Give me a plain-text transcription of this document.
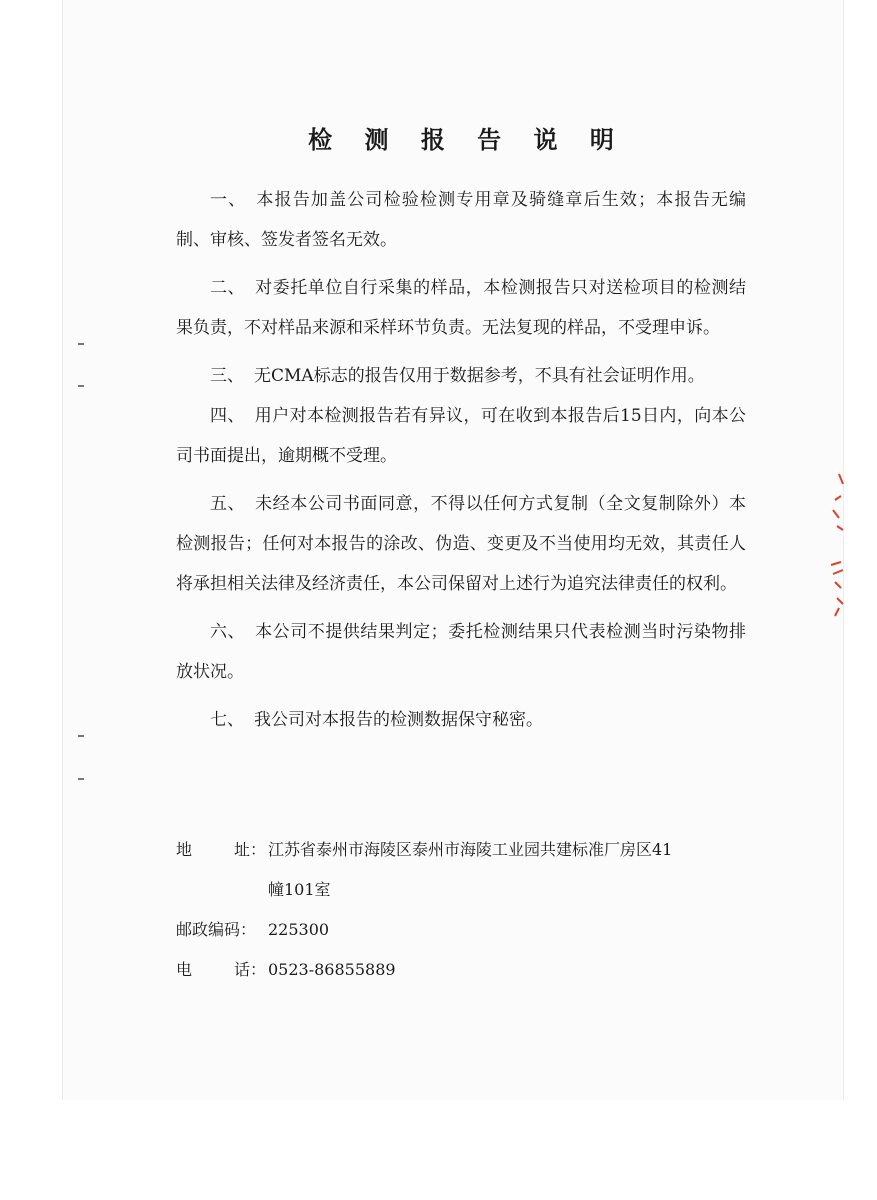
检 测 报 告 说 明

一、 本报告加盖公司检验检测专用章及骑缝章后生效；本报告无编制、审核、签发者签名无效。

二、 对委托单位自行采集的样品，本检测报告只对送检项目的检测结果负责，不对样品来源和采样环节负责。无法复现的样品，不受理申诉。

三、 无CMA标志的报告仅用于数据参考，不具有社会证明作用。

四、 用户对本检测报告若有异议，可在收到本报告后15日内，向本公司书面提出，逾期概不受理。

五、 未经本公司书面同意，不得以任何方式复制（全文复制除外）本检测报告；任何对本报告的涂改、伪造、变更及不当使用均无效，其责任人将承担相关法律及经济责任，本公司保留对上述行为追究法律责任的权利。

六、 本公司不提供结果判定；委托检测结果只代表检测当时污染物排放状况。

七、 我公司对本报告的检测数据保守秘密。

地	址： 江苏省泰州市海陵区泰州市海陵工业园共建标准厂房区41
幢101室
邮政编码： 225300
电	话： 0523-86855889
